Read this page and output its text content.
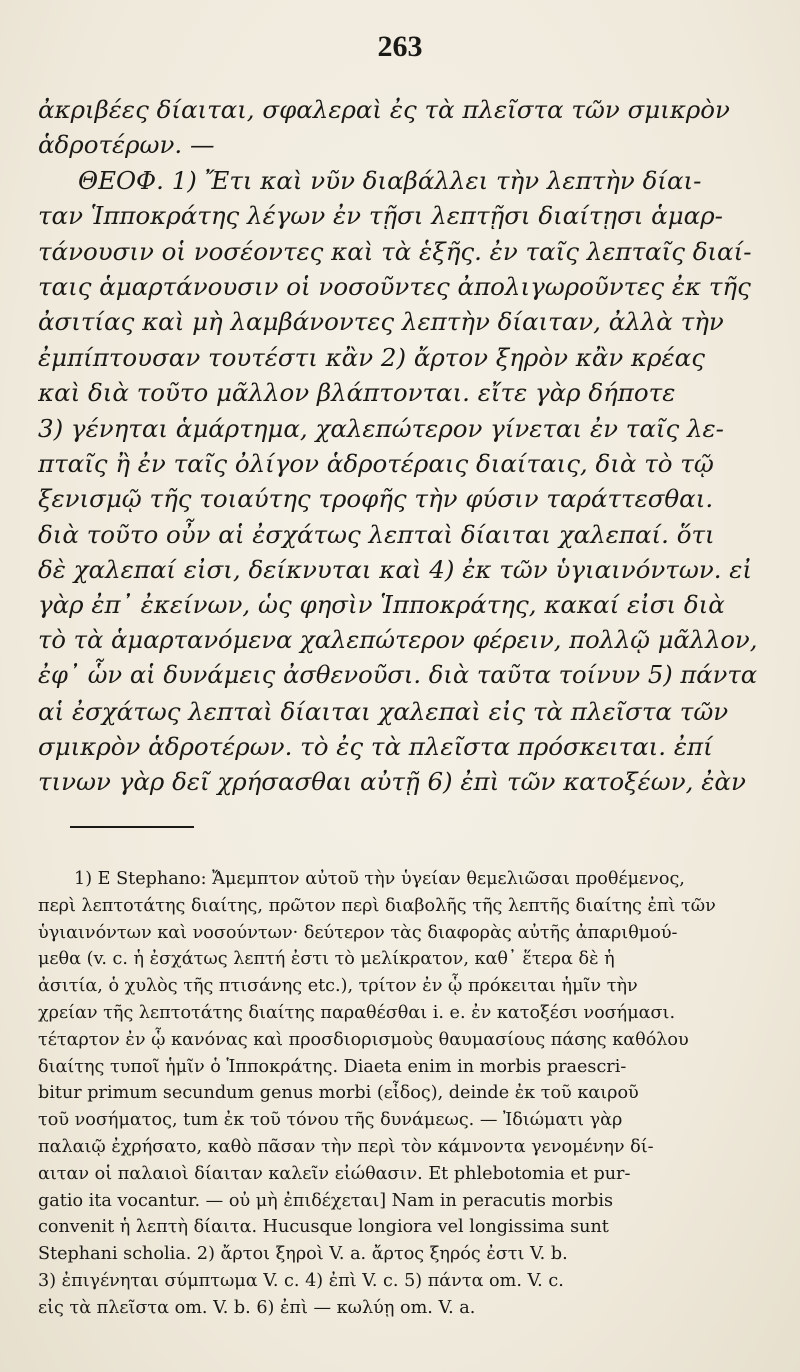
263
ἀκριβέες δίαιται, σφαλεραὶ ἐς τὰ πλεῖστα τῶν σμικρὸν
ἁδροτέρων. —
ΘΕΟΦ. 1) Ἔτι καὶ νῦν διαβάλλει τὴν λεπτὴν δίαι-
ταν Ἱπποκράτης λέγων ἐν τῇσι λεπτῇσι διαίτῃσι ἁμαρ-
τάνουσιν οἱ νοσέοντες καὶ τὰ ἑξῆς. ἐν ταῖς λεπταῖς διαί-
ταις ἁμαρτάνουσιν οἱ νοσοῦντες ἀπολιγωροῦντες ἐκ τῆς
ἀσιτίας καὶ μὴ λαμβάνοντες λεπτὴν δίαιταν, ἀλλὰ τὴν
ἐμπίπτουσαν τουτέστι κἂν 2) ἄρτον ξηρὸν κἂν κρέας
καὶ διὰ τοῦτο μᾶλλον βλάπτονται. εἴτε γὰρ δήποτε
3) γένηται ἁμάρτημα, χαλεπώτερον γίνεται ἐν ταῖς λε-
πταῖς ἢ ἐν ταῖς ὀλίγον ἁδροτέραις διαίταις, διὰ τὸ τῷ
ξενισμῷ τῆς τοιαύτης τροφῆς τὴν φύσιν ταράττεσθαι.
διὰ τοῦτο οὖν αἱ ἐσχάτως λεπταὶ δίαιται χαλεπαί. ὅτι
δὲ χαλεπαί εἰσι, δείκνυται καὶ 4) ἐκ τῶν ὑγιαινόντων. εἰ
γὰρ ἐπ᾿ ἐκείνων, ὡς φησὶν Ἱπποκράτης, κακαί εἰσι διὰ
τὸ τὰ ἁμαρτανόμενα χαλεπώτερον φέρειν, πολλῷ μᾶλλον,
ἐφ᾿ ὧν αἱ δυνάμεις ἀσθενοῦσι. διὰ ταῦτα τοίνυν 5) πάντα
αἱ ἐσχάτως λεπταὶ δίαιται χαλεπαὶ εἰς τὰ πλεῖστα τῶν
σμικρὸν ἁδροτέρων. τὸ ἐς τὰ πλεῖστα πρόσκειται. ἐπί
τινων γὰρ δεῖ χρήσασθαι αὐτῇ 6) ἐπὶ τῶν κατοξέων, ἐὰν
1) E Stephano: Ἄμεμπτον αὐτοῦ τὴν ὑγείαν θεμελιῶσαι προθέμενος,
περὶ λεπτοτάτης διαίτης, πρῶτον περὶ διαβολῆς τῆς λεπτῆς διαίτης ἐπὶ τῶν
ὑγιαινόντων καὶ νοσούντων· δεύτερον τὰς διαφορὰς αὐτῆς ἀπαριθμού-
μεθα (v. c. ἡ ἐσχάτως λεπτή ἐστι τὸ μελίκρατον, καθ᾿ ἕτερα δὲ ἡ
ἀσιτία, ὁ χυλὸς τῆς πτισάνης etc.), τρίτον ἐν ᾧ πρόκειται ἡμῖν τὴν
χρείαν τῆς λεπτοτάτης διαίτης παραθέσθαι i. e. ἐν κατοξέσι νοσήμασι.
τέταρτον ἐν ᾧ κανόνας καὶ προσδιορισμοὺς θαυμασίους πάσης καθόλου
διαίτης τυποῖ ἡμῖν ὁ Ἱπποκράτης. Diaeta enim in morbis praescri-
bitur primum secundum genus morbi (εἶδος), deinde ἐκ τοῦ καιροῦ
τοῦ νοσήματος, tum ἐκ τοῦ τόνου τῆς δυνάμεως. — Ἰδιώματι γὰρ
παλαιῷ ἐχρήσατο, καθὸ πᾶσαν τὴν περὶ τὸν κάμνοντα γενομένην δί-
αιταν οἱ παλαιοὶ δίαιταν καλεῖν εἰώθασιν. Et phlebotomia et pur-
gatio ita vocantur. — οὐ μὴ ἐπιδέχεται] Nam in peracutis morbis
convenit ἡ λεπτὴ δίαιτα. Hucusque longiora vel longissima sunt
Stephani scholia. 2) ἄρτοι ξηροὶ V. a. ἄρτος ξηρός ἐστι V. b.
3) ἐπιγένηται σύμπτωμα V. c. 4) ἐπὶ V. c. 5) πάντα om. V. c.
εἰς τὰ πλεῖστα om. V. b. 6) ἐπὶ — κωλύῃ om. V. a.
